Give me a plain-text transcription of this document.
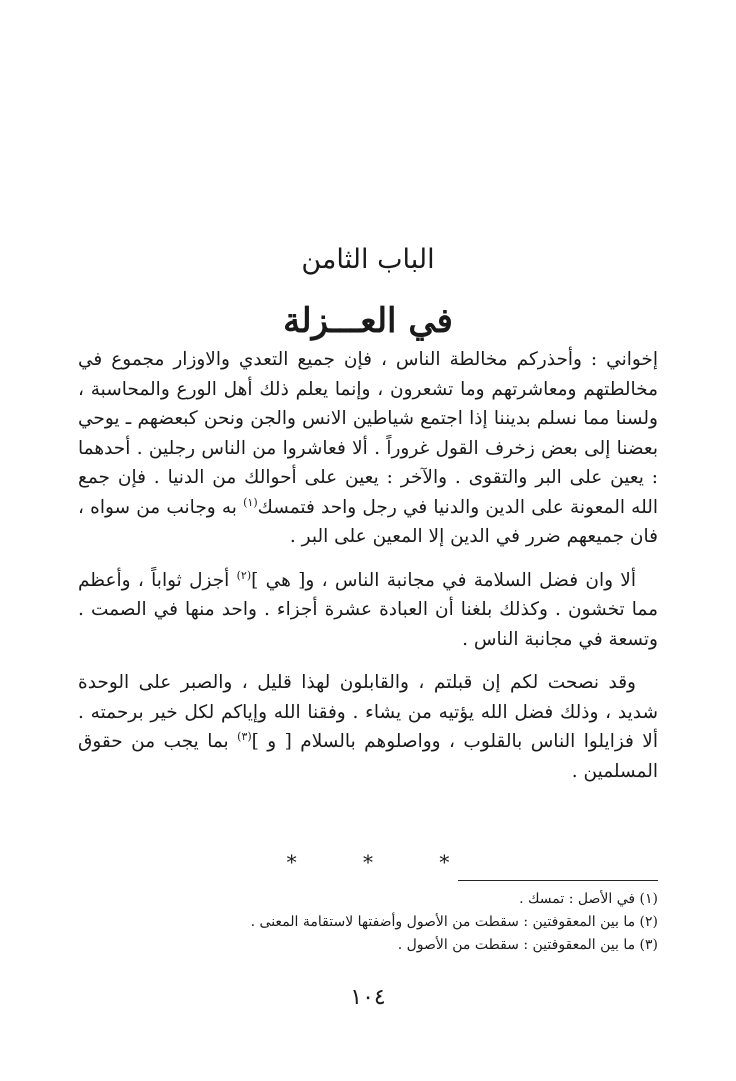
الباب الثامن
في العـــزلة

إخواني : وأحذركم مخالطة الناس ، فإن جميع التعدي والاوزار مجموع في مخالطتهم ومعاشرتهم وما تشعرون ، وإنما يعلم ذلك أهل الورع والمحاسبة ، ولسنا مما نسلم بديننا إذا اجتمع شياطين الانس والجن ونحن كبعضهم ـ يوحي بعضنا إلى بعض زخرف القول غروراً . ألا فعاشروا من الناس رجلين . أحدهما : يعين على البر والتقوى . والآخر : يعين على أحوالك من الدنيا . فإن جمع الله المعونة على الدين والدنيا في رجل واحد فتمسك$^{(١)}$ به وجانب من سواه ، فان جميعهم ضرر في الدين إلا المعين على البر .

ألا وان فضل السلامة في مجانبة الناس ، و[ هي ]$^{(٢)}$ أجزل ثواباً ، وأعظم مما تخشون . وكذلك بلغنا أن العبادة عشرة أجزاء . واحد منها في الصمت . وتسعة في مجانبة الناس .

وقد نصحت لكم إن قبلتم ، والقابلون لهذا قليل ، والصبر على الوحدة شديد ، وذلك فضل الله يؤتيه من يشاء . وفقنا الله وإياكم لكل خير برحمته . ألا فزايلوا الناس بالقلوب ، وواصلوهم بالسلام [ و ]$^{(٣)}$ بما يجب من حقوق المسلمين .

*	*	*
(١) في الأصل : تمسك .
(٢) ما بين المعقوفتين : سقطت من الأصول وأضفتها لاستقامة المعنى .
(٣) ما بين المعقوفتين : سقطت من الأصول .
١٠٤
